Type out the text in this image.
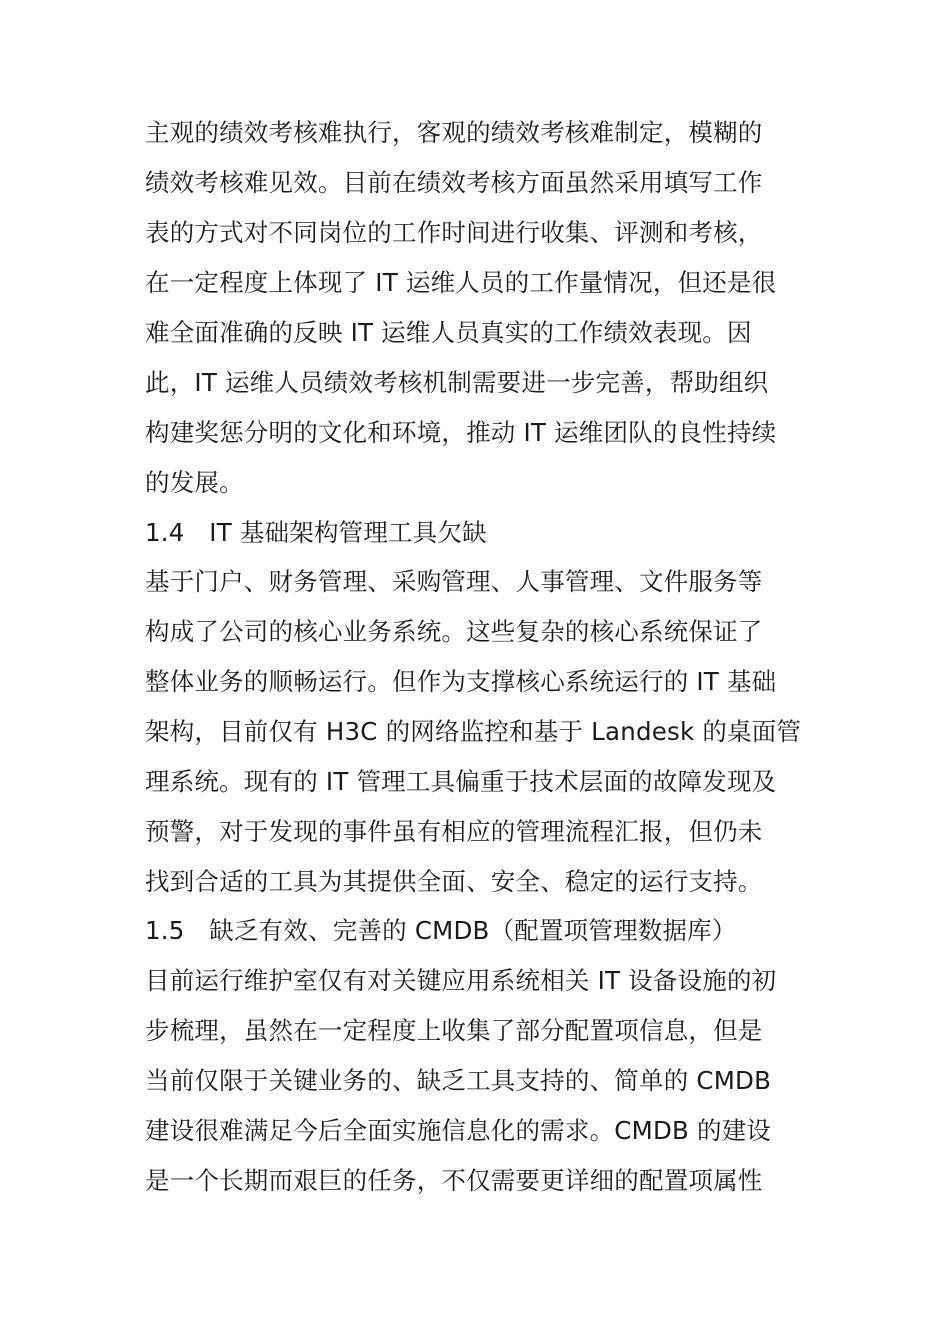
主观的绩效考核难执行，客观的绩效考核难制定，模糊的
绩效考核难见效。目前在绩效考核方面虽然采用填写工作
表的方式对不同岗位的工作时间进行收集、评测和考核，
在一定程度上体现了 IT 运维人员的工作量情况，但还是很
难全面准确的反映 IT 运维人员真实的工作绩效表现。因
此，IT 运维人员绩效考核机制需要进一步完善，帮助组织
构建奖惩分明的文化和环境，推动 IT 运维团队的良性持续
的发展。
1.4　IT 基础架构管理工具欠缺
基于门户、财务管理、采购管理、人事管理、文件服务等
构成了公司的核心业务系统。这些复杂的核心系统保证了
整体业务的顺畅运行。但作为支撑核心系统运行的 IT 基础
架构，目前仅有 H3C 的网络监控和基于 Landesk 的桌面管
理系统。现有的 IT 管理工具偏重于技术层面的故障发现及
预警，对于发现的事件虽有相应的管理流程汇报，但仍未
找到合适的工具为其提供全面、安全、稳定的运行支持。
1.5　缺乏有效、完善的 CMDB（配置项管理数据库）
目前运行维护室仅有对关键应用系统相关 IT 设备设施的初
步梳理，虽然在一定程度上收集了部分配置项信息，但是
当前仅限于关键业务的、缺乏工具支持的、简单的 CMDB
建设很难满足今后全面实施信息化的需求。CMDB 的建设
是一个长期而艰巨的任务，不仅需要更详细的配置项属性
